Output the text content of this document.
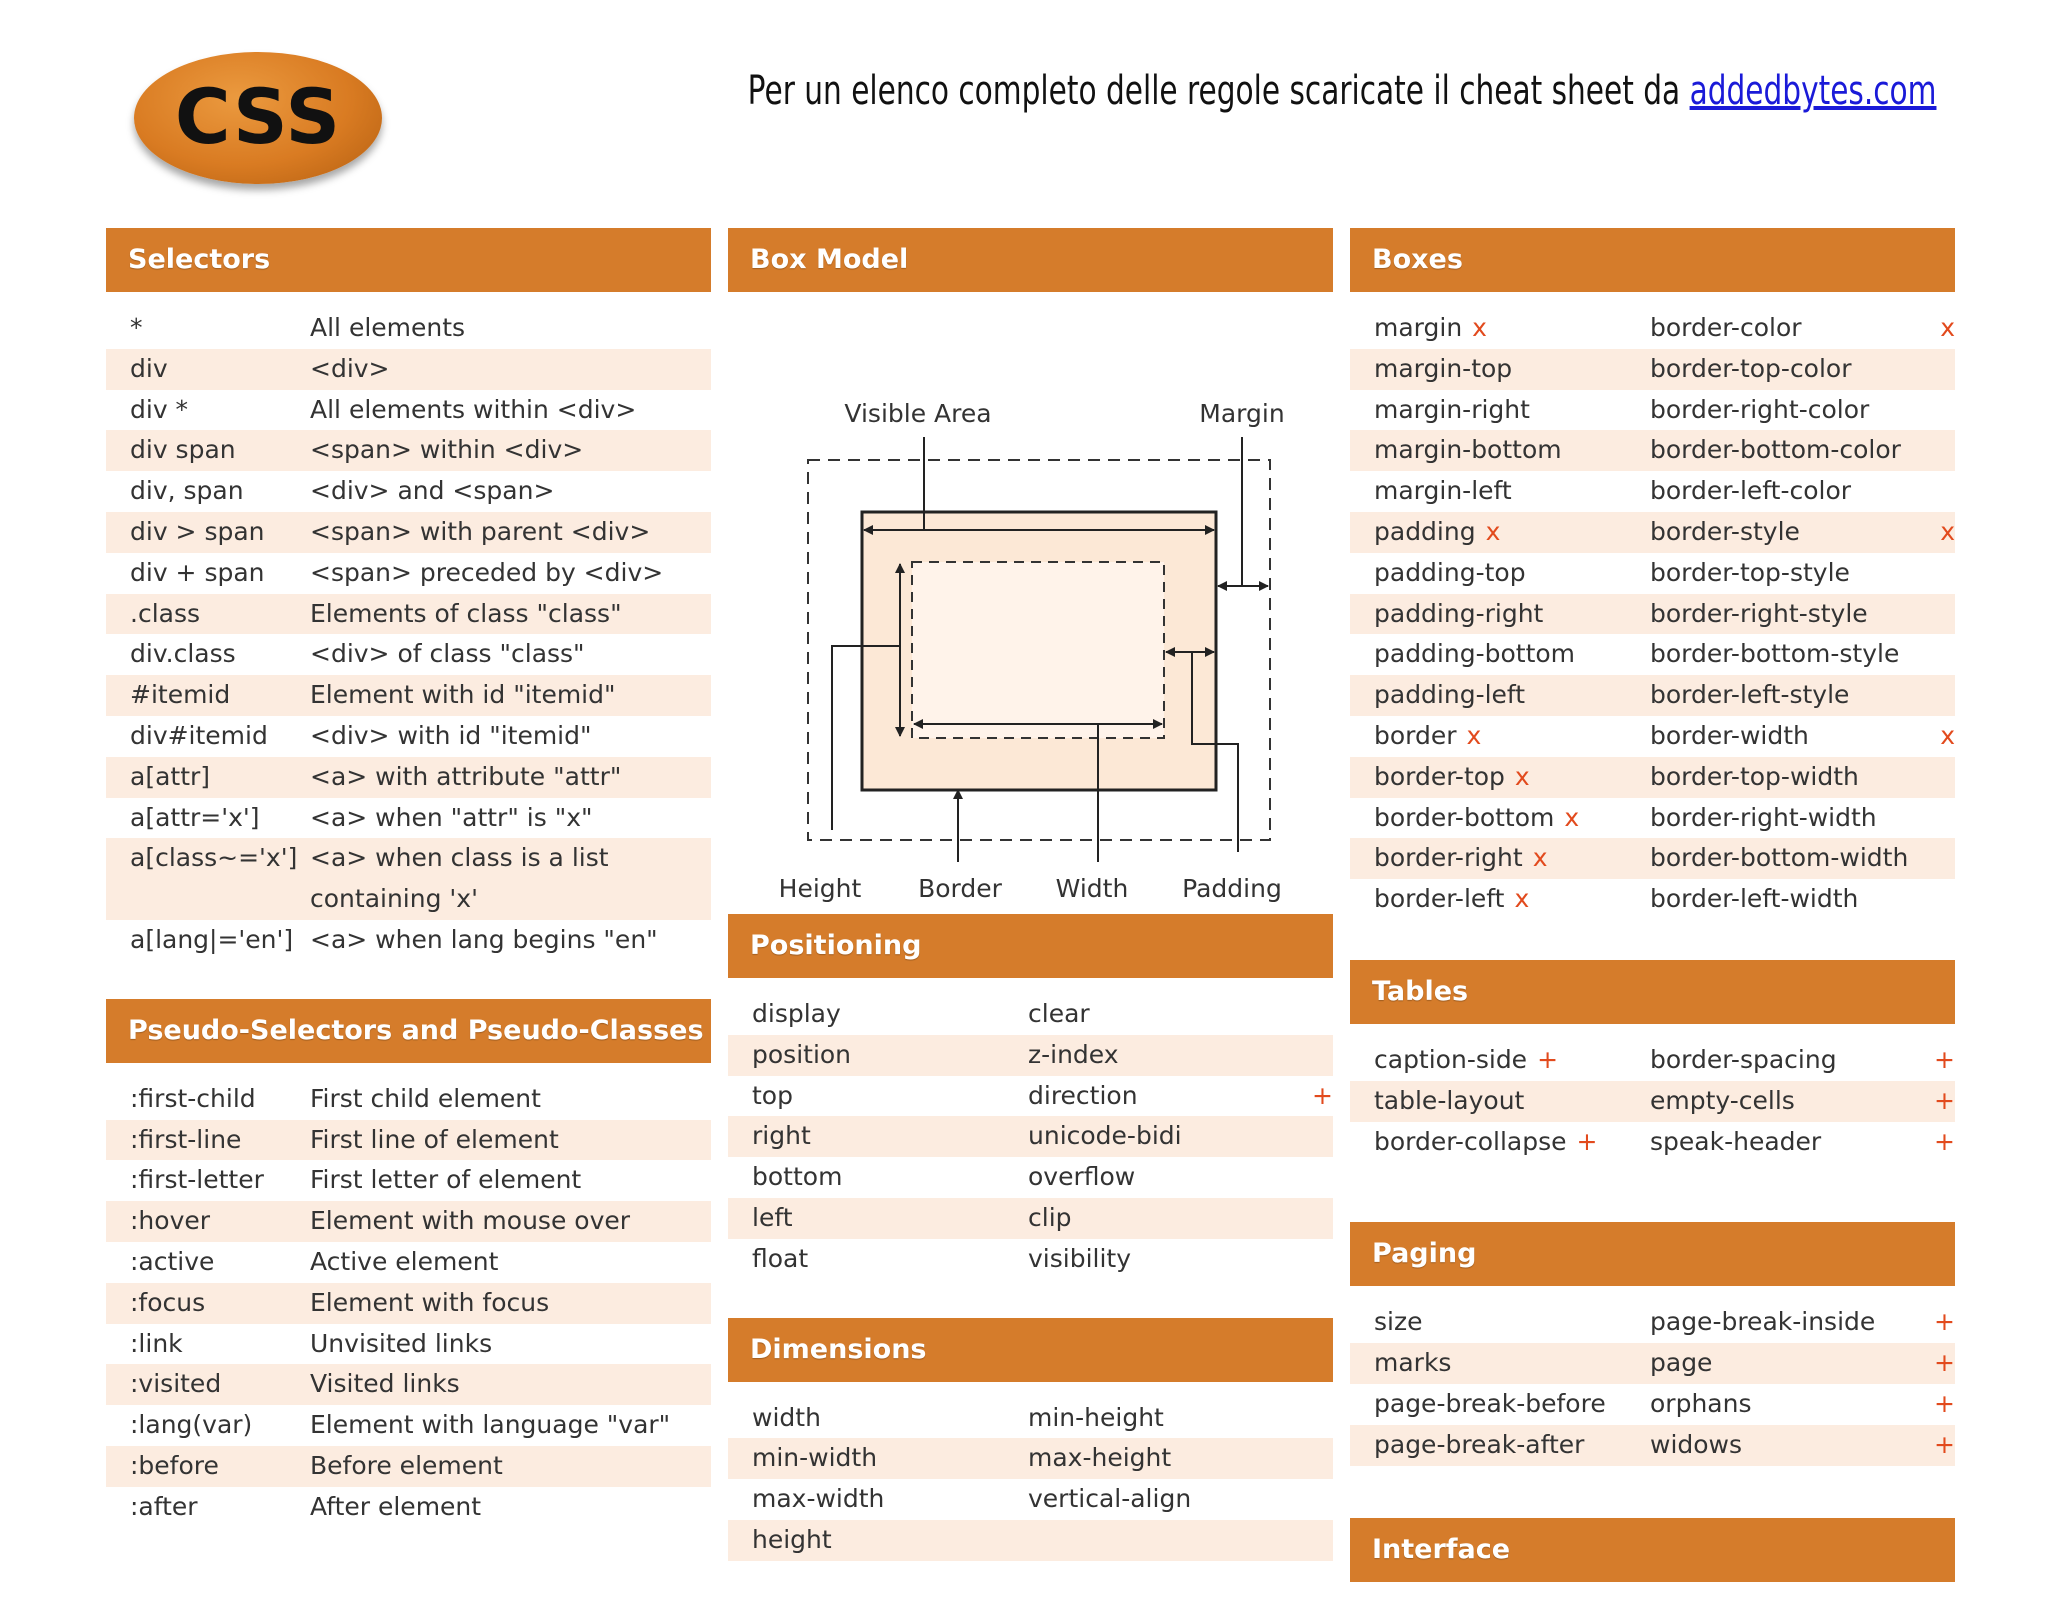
CSS	Per un elenco completo delle regole scaricate il cheat sheet da addedbytes.com
Selectors
*	All elements
div	<div>
div *	All elements within <div>
div span	<span> within <div>
div, span	<div> and <span>
div > span	<span> with parent <div>
div + span	<span> preceded by <div>
.class	Elements of class "class"
div.class	<div> of class "class"
#itemid	Element with id "itemid"
div#itemid	<div> with id "itemid"
a[attr]	<a> with attribute "attr"
a[attr='x']	<a> when "attr" is "x"
a[class~='x'] <a> when class is a list containing 'x'
a[lang|='en'] <a> when lang begins "en"
Pseudo-Selectors and Pseudo-Classes
:first-child	First child element
:first-line	First line of element
:first-letter	First letter of element
:hover	Element with mouse over
:active	Active element
:focus	Element with focus
:link	Unvisited links
:visited	Visited links
:lang(var)	Element with language "var"
:before	Before element
:after	After element
Box Model
Visible Area	Margin
Height Border Width Padding
Positioning
display	clear
position	z-index
top	direction	+
right	unicode-bidi
bottom	overflow
left	clip
float	visibility
Dimensions
width	min-height
min-width	max-height
max-width	vertical-align
height
Boxes
margin x	border-color	x
margin-top	border-top-color
margin-right	border-right-color
margin-bottom	border-bottom-color
margin-left	border-left-color
padding x	border-style	x
padding-top	border-top-style
padding-right	border-right-style
padding-bottom	border-bottom-style
padding-left	border-left-style
border x	border-width	x
border-top x	border-top-width
border-bottom x	border-right-width
border-right x	border-bottom-width
border-left x	border-left-width
Tables
caption-side +	border-spacing	+
table-layout	empty-cells	+
border-collapse +	speak-header	+
Paging
size	page-break-inside	+
marks	page	+
page-break-before	orphans	+
page-break-after	widows	+
Interface
